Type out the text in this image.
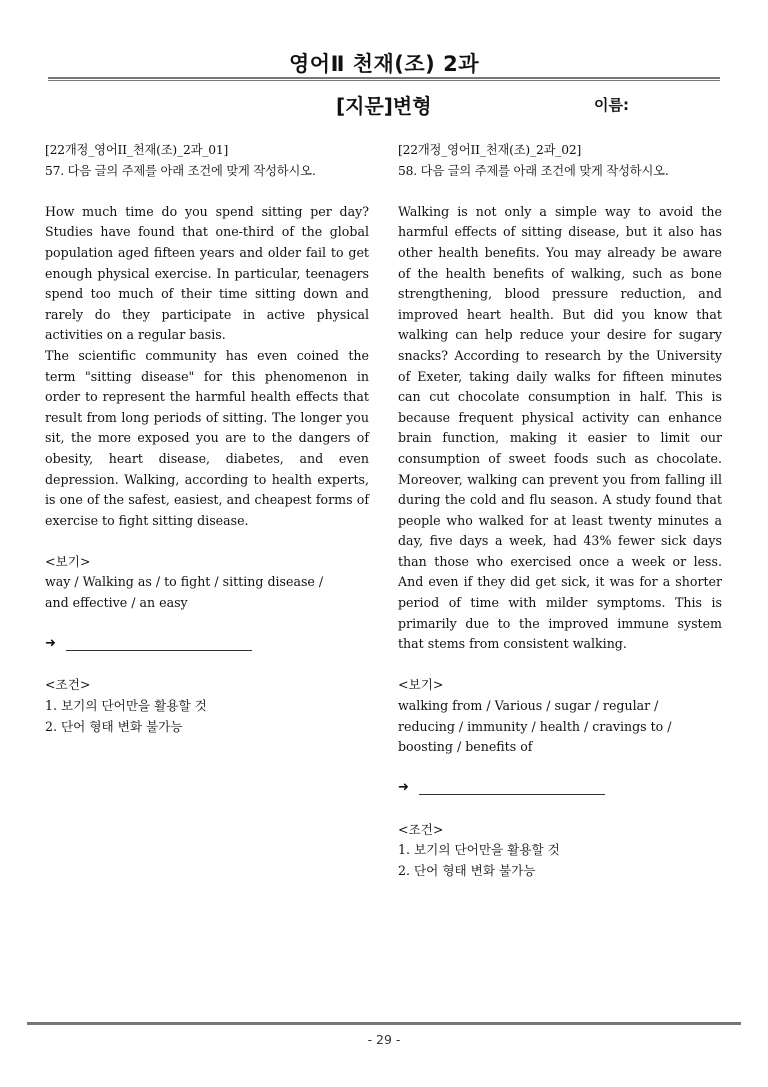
영어Ⅱ 천재(조) 2과
[지문]변형	이름:

[22개정_영어II_천재(조)_2과_01]

57. 다음 글의 주제를 아래 조건에 맞게 작성하시오.

How much time do you spend sitting per day? Studies have found that one-third of the global population aged fifteen years and older fail to get enough physical exercise. In particular, teenagers spend too much of their time sitting down and rarely do they participate in active physical activities on a regular basis.

The scientific community has even coined the term "sitting disease" for this phenomenon in order to represent the harmful health effects that result from long periods of sitting. The longer you sit, the more exposed you are to the dangers of obesity, heart disease, diabetes, and even depression. Walking, according to health experts, is one of the safest, easiest, and cheapest forms of exercise to fight sitting disease.

<보기>

way / Walking as / to fight / sitting disease /

and effective / an easy

➜

<조건>

1. 보기의 단어만을 활용할 것

2. 단어 형태 변화 불가능

[22개정_영어II_천재(조)_2과_02]

58. 다음 글의 주제를 아래 조건에 맞게 작성하시오.

Walking is not only a simple way to avoid the harmful effects of sitting disease, but it also has other health benefits. You may already be aware of the health benefits of walking, such as bone strengthening, blood pressure reduction, and improved heart health. But did you know that walking can help reduce your desire for sugary snacks? According to research by the University of Exeter, taking daily walks for fifteen minutes can cut chocolate consumption in half. This is because frequent physical activity can enhance brain function, making it easier to limit our consumption of sweet foods such as chocolate. Moreover, walking can prevent you from falling ill during the cold and flu season. A study found that people who walked for at least twenty minutes a day, five days a week, had 43% fewer sick days than those who exercised once a week or less. And even if they did get sick, it was for a shorter period of time with milder symptoms. This is primarily due to the improved immune system that stems from consistent walking.

<보기>

walking from / Various / sugar / regular /

reducing / immunity / health / cravings to /

boosting / benefits of

➜

<조건>

1. 보기의 단어만을 활용할 것

2. 단어 형태 변화 불가능

- 29 -
